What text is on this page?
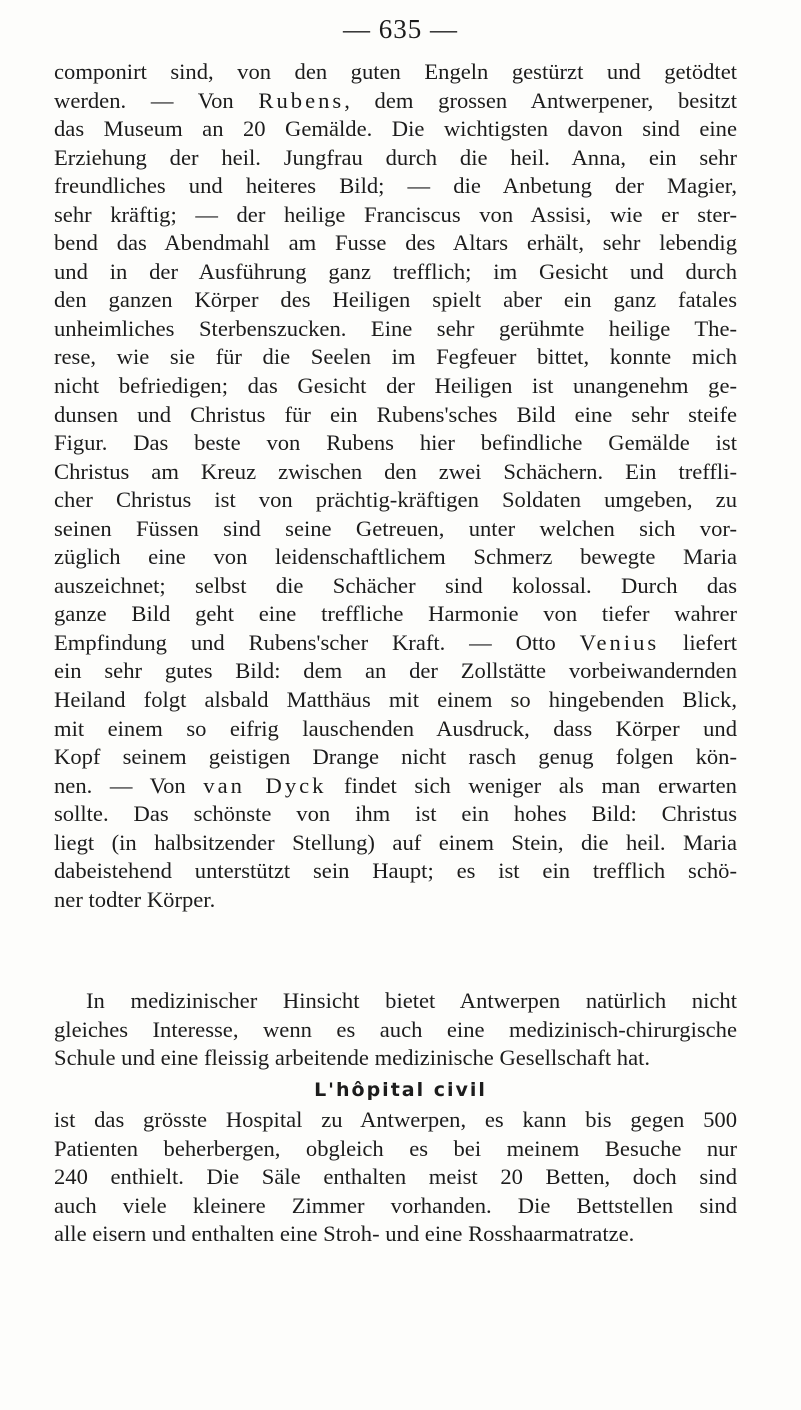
— 635 —
componirt sind, von den guten Engeln gestürzt und getödtet
werden. — Von Rubens, dem grossen Antwerpener, besitzt
das Museum an 20 Gemälde. Die wichtigsten davon sind eine
Erziehung der heil. Jungfrau durch die heil. Anna, ein sehr
freundliches und heiteres Bild; — die Anbetung der Magier,
sehr kräftig; — der heilige Franciscus von Assisi, wie er ster-
bend das Abendmahl am Fusse des Altars erhält, sehr lebendig
und in der Ausführung ganz trefflich; im Gesicht und durch
den ganzen Körper des Heiligen spielt aber ein ganz fatales
unheimliches Sterbenszucken. Eine sehr gerühmte heilige The-
rese, wie sie für die Seelen im Fegfeuer bittet, konnte mich
nicht befriedigen; das Gesicht der Heiligen ist unangenehm ge-
dunsen und Christus für ein Rubens'sches Bild eine sehr steife
Figur. Das beste von Rubens hier befindliche Gemälde ist
Christus am Kreuz zwischen den zwei Schächern. Ein treffli-
cher Christus ist von prächtig-kräftigen Soldaten umgeben, zu
seinen Füssen sind seine Getreuen, unter welchen sich vor-
züglich eine von leidenschaftlichem Schmerz bewegte Maria
auszeichnet; selbst die Schächer sind kolossal. Durch das
ganze Bild geht eine treffliche Harmonie von tiefer wahrer
Empfindung und Rubens'scher Kraft. — Otto Venius liefert
ein sehr gutes Bild: dem an der Zollstätte vorbeiwandernden
Heiland folgt alsbald Matthäus mit einem so hingebenden Blick,
mit einem so eifrig lauschenden Ausdruck, dass Körper und
Kopf seinem geistigen Drange nicht rasch genug folgen kön-
nen. — Von van Dyck findet sich weniger als man erwarten
sollte. Das schönste von ihm ist ein hohes Bild: Christus
liegt (in halbsitzender Stellung) auf einem Stein, die heil. Maria
dabeistehend unterstützt sein Haupt; es ist ein trefflich schö-
ner todter Körper.
In medizinischer Hinsicht bietet Antwerpen natürlich nicht
gleiches Interesse, wenn es auch eine medizinisch-chirurgische
Schule und eine fleissig arbeitende medizinische Gesellschaft hat.
L'hôpital civil
ist das grösste Hospital zu Antwerpen, es kann bis gegen 500
Patienten beherbergen, obgleich es bei meinem Besuche nur
240 enthielt. Die Säle enthalten meist 20 Betten, doch sind
auch viele kleinere Zimmer vorhanden. Die Bettstellen sind
alle eisern und enthalten eine Stroh- und eine Rosshaarmatratze.
